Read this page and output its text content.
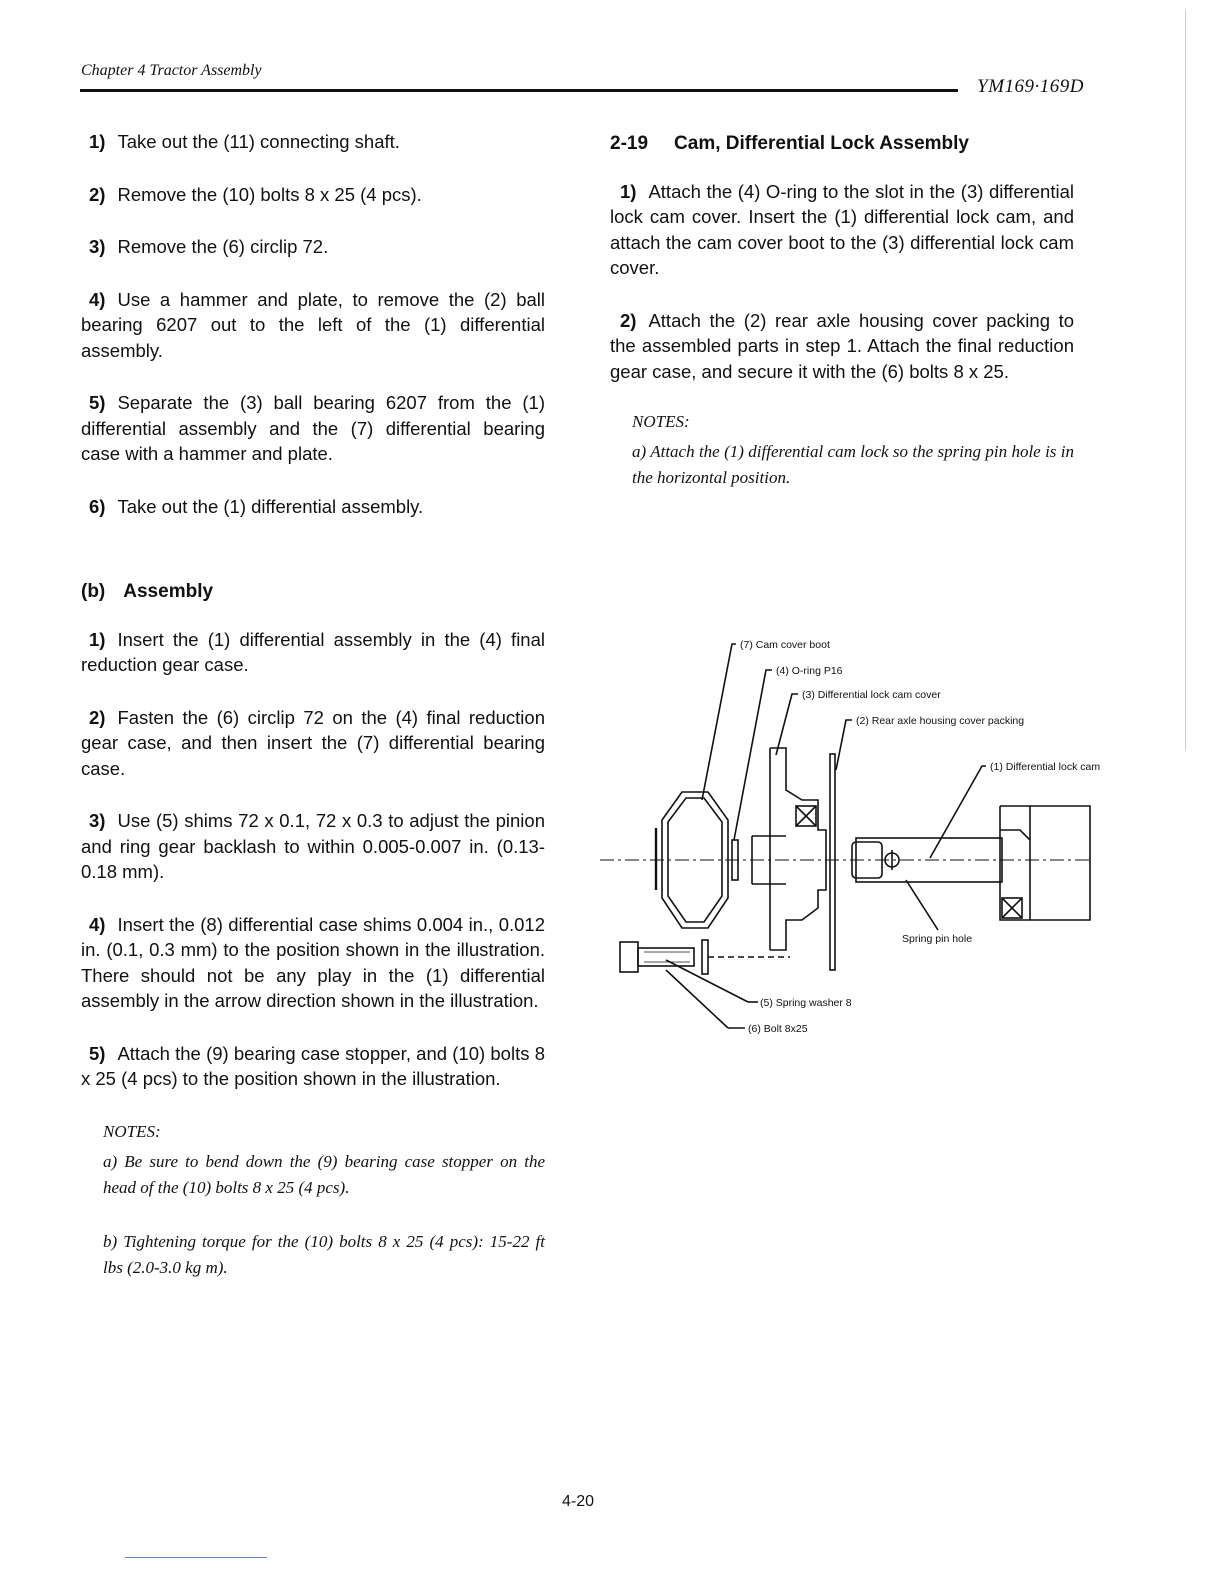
Chapter 4 Tractor Assembly
YM169·169D
1) Take out the (11) connecting shaft.
2) Remove the (10) bolts 8 x 25 (4 pcs).
3) Remove the (6) circlip 72.
4) Use a hammer and plate, to remove the (2) ball bearing 6207 out to the left of the (1) differential assembly.
5) Separate the (3) ball bearing 6207 from the (1) differential assembly and the (7) differential bearing case with a hammer and plate.
6) Take out the (1) differential assembly.
(b) Assembly
1) Insert the (1) differential assembly in the (4) final reduction gear case.
2) Fasten the (6) circlip 72 on the (4) final reduction gear case, and then insert the (7) differential bearing case.
3) Use (5) shims 72 x 0.1, 72 x 0.3 to adjust the pinion and ring gear backlash to within 0.005-0.007 in. (0.13-0.18 mm).
4) Insert the (8) differential case shims 0.004 in., 0.012 in. (0.1, 0.3 mm) to the position shown in the illustration. There should not be any play in the (1) differential assembly in the arrow direction shown in the illustration.
5) Attach the (9) bearing case stopper, and (10) bolts 8 x 25 (4 pcs) to the position shown in the illustration.
NOTES:

a) Be sure to bend down the (9) bearing case stopper on the head of the (10) bolts 8 x 25 (4 pcs).

b) Tightening torque for the (10) bolts 8 x 25 (4 pcs): 15-22 ft lbs (2.0-3.0 kg m).

2-19 Cam, Differential Lock Assembly
1) Attach the (4) O-ring to the slot in the (3) differential lock cam cover. Insert the (1) differential lock cam, and attach the cam cover boot to the (3) differential lock cam cover.
2) Attach the (2) rear axle housing cover packing to the assembled parts in step 1. Attach the final reduction gear case, and secure it with the (6) bolts 8 x 25.
NOTES:

a) Attach the (1) differential cam lock so the spring pin hole is in the horizontal position.

(7) Cam cover boot
(4) O-ring P16
(3) Differential lock cam cover
(2) Rear axle housing cover packing
(1) Differential lock cam
Spring pin hole
(5) Spring washer 8
(6) Bolt 8x25
4-20
